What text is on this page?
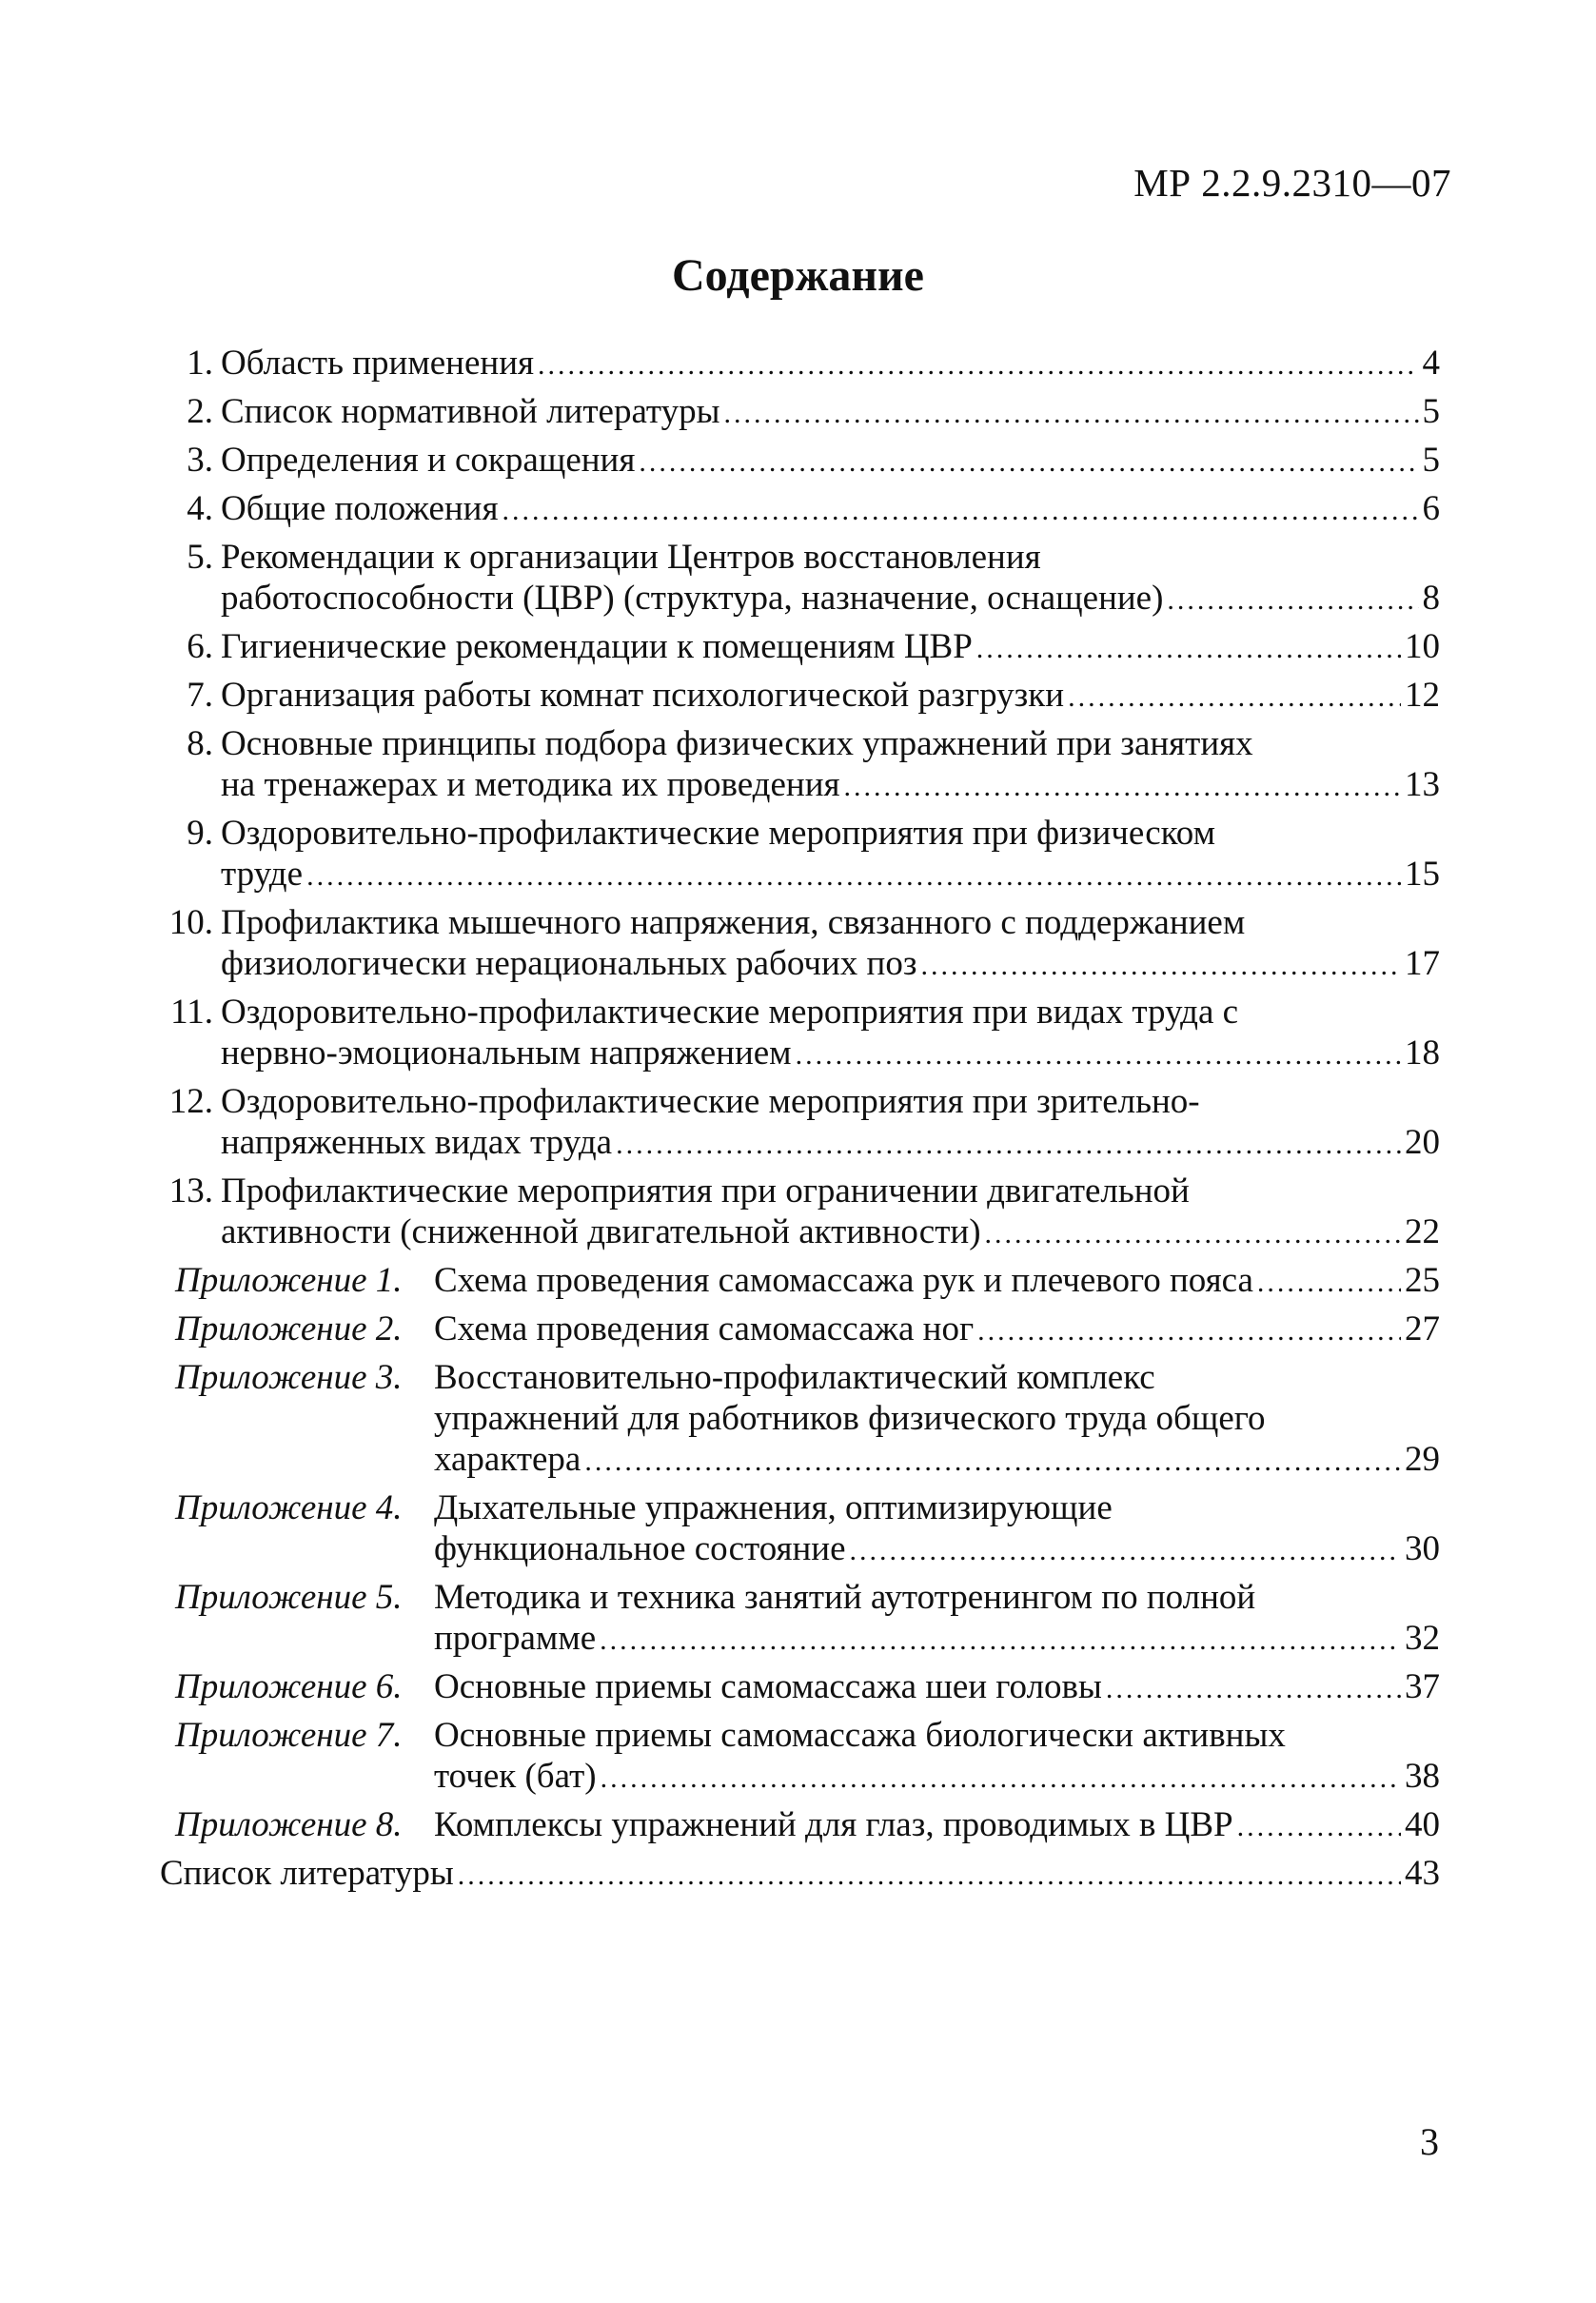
МР 2.2.9.2310—07
Содержание
1. Область применения .....	4
2. Список нормативной литературы .....	5
3. Определения и сокращения .....	5
4. Общие положения .....	6
5. Рекомендации к организации Центров восстановления
работоспособности (ЦВР) (структура, назначение, оснащение) .....	8
6. Гигиенические рекомендации к помещениям ЦВР .....	10
7. Организация работы комнат психологической разгрузки .....	12
8. Основные принципы подбора физических упражнений при занятиях
на тренажерах и методика их проведения .....	13
9. Оздоровительно-профилактические мероприятия при физическом
труде .....	15
10. Профилактика мышечного напряжения, связанного с поддержанием
физиологически нерациональных рабочих поз .....	17
11. Оздоровительно-профилактические мероприятия при видах труда с
нервно-эмоциональным напряжением .....	18
12. Оздоровительно-профилактические мероприятия при зрительно-
напряженных видах труда .....	20
13. Профилактические мероприятия при ограничении двигательной
активности (сниженной двигательной активности) .....	22
Приложение 1. Схема проведения самомассажа рук и плечевого пояса .....	25
Приложение 2. Схема проведения самомассажа ног .....	27
Приложение 3. Восстановительно-профилактический комплекс
упражнений для работников физического труда общего
характера .....	29
Приложение 4. Дыхательные упражнения, оптимизирующие
функциональное состояние .....	30
Приложение 5. Методика и техника занятий аутотренингом по полной
программе .....	32
Приложение 6. Основные приемы самомассажа шеи головы .....	37
Приложение 7. Основные приемы самомассажа биологически активных
точек (бат) .....	38
Приложение 8. Комплексы упражнений для глаз, проводимых в ЦВР .....	40
Список литературы .....	43
3
